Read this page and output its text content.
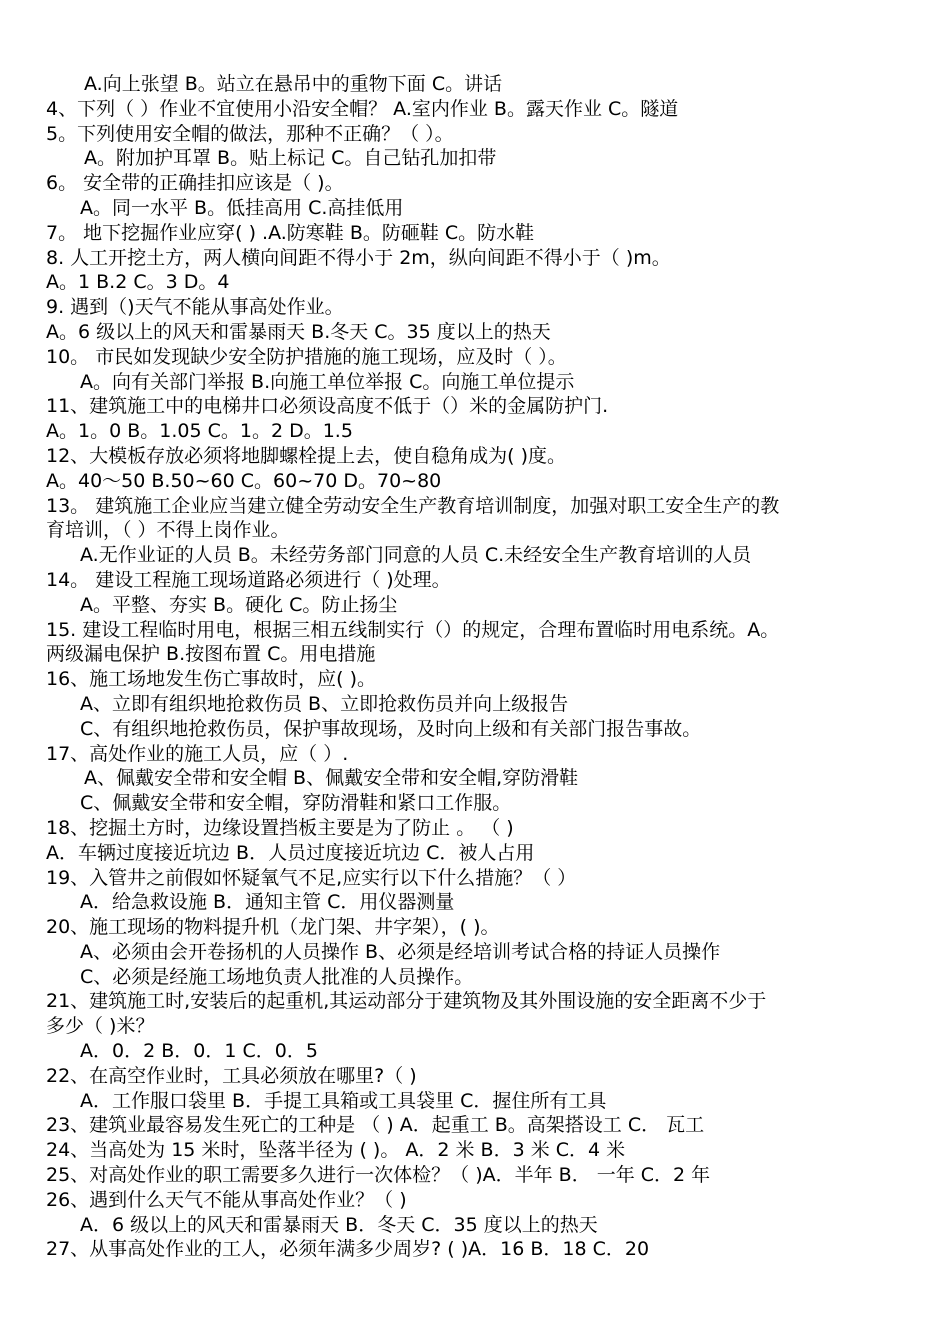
A.向上张望 B。站立在悬吊中的重物下面 C。讲话
4、下列（ ）作业不宜使用小沿安全帽？ A.室内作业 B。露天作业 C。隧道
5。下列使用安全帽的做法，那种不正确？（ ）。
A。附加护耳罩 B。贴上标记 C。自己钻孔加扣带
6。 安全带的正确挂扣应该是（ )。
A。同一水平 B。低挂高用 C.高挂低用
7。 地下挖掘作业应穿( ) .A.防寒鞋 B。防砸鞋 C。防水鞋
8. 人工开挖土方，两人横向间距不得小于 2m，纵向间距不得小于（ )m。
A。1 B.2 C。3 D。4
9. 遇到（)天气不能从事高处作业。
A。6 级以上的风天和雷暴雨天 B.冬天 C。35 度以上的热天
10。 市民如发现缺少安全防护措施的施工现场，应及时（ ）。
A。向有关部门举报 B.向施工单位举报 C。向施工单位提示
11、建筑施工中的电梯井口必须设高度不低于（）米的金属防护门.
A。1。0 B。1.05 C。1。2 D。1.5
12、大模板存放必须将地脚螺栓提上去，使自稳角成为( )度。
A。40～50 B.50~60 C。60~70 D。70~80
13。 建筑施工企业应当建立健全劳动安全生产教育培训制度，加强对职工安全生产的教
育培训，（ ）不得上岗作业。
A.无作业证的人员 B。未经劳务部门同意的人员 C.未经安全生产教育培训的人员
14。 建设工程施工现场道路必须进行（ )处理。
A。平整、夯实 B。硬化 C。防止扬尘
15. 建设工程临时用电，根据三相五线制实行（）的规定，合理布置临时用电系统。A。
两级漏电保护 B.按图布置 C。用电措施
16、施工场地发生伤亡事故时，应( )。
A、立即有组织地抢救伤员 B、立即抢救伤员并向上级报告
C、有组织地抢救伤员，保护事故现场，及时向上级和有关部门报告事故。
17、高处作业的施工人员，应（ ）.
A、佩戴安全带和安全帽 B、佩戴安全带和安全帽,穿防滑鞋
C、佩戴安全带和安全帽，穿防滑鞋和紧口工作服。
18、挖掘土方时，边缘设置挡板主要是为了防止 。 （ )
A．车辆过度接近坑边 B．人员过度接近坑边 C．被人占用
19、入管井之前假如怀疑氧气不足,应实行以下什么措施？（ ）
A．给急救设施 B．通知主管 C．用仪器测量
20、施工现场的物料提升机（龙门架、井字架），( )。
A、必须由会开卷扬机的人员操作 B、必须是经培训考试合格的持证人员操作
C、必须是经施工场地负责人批准的人员操作。
21、建筑施工时,安装后的起重机,其运动部分于建筑物及其外围设施的安全距离不少于
多少（ )米？
A．0．2 B．0．1 C．0．5
22、在高空作业时，工具必须放在哪里?（ )
A．工作服口袋里 B．手提工具箱或工具袋里 C．握住所有工具
23、建筑业最容易发生死亡的工种是 （ ) A．起重工 B。高架搭设工 C． 瓦工
24、当高处为 15 米时，坠落半径为 ( )。 A．2 米 B．3 米 C．4 米
25、对高处作业的职工需要多久进行一次体检？（ )A．半年 B． 一年 C．2 年
26、遇到什么天气不能从事高处作业？（ )
A．6 级以上的风天和雷暴雨天 B．冬天 C．35 度以上的热天
27、从事高处作业的工人，必须年满多少周岁? ( )A．16 B．18 C．20
